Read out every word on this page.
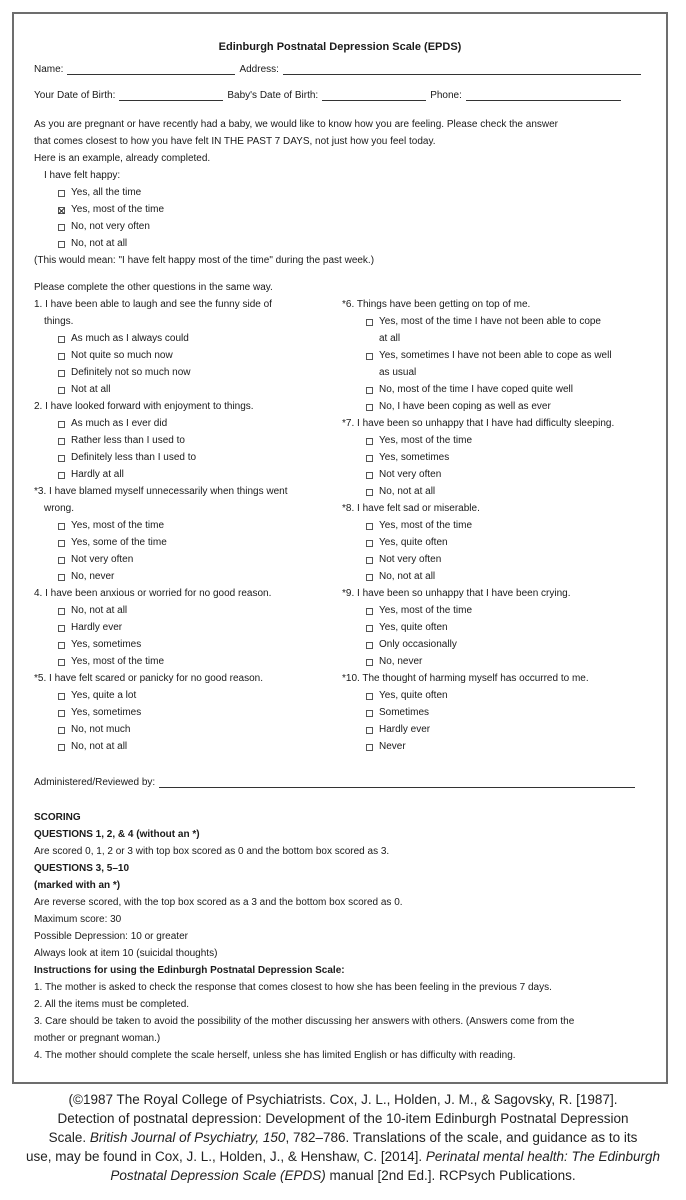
Edinburgh Postnatal Depression Scale (EPDS)
Name:	Address:
Your Date of Birth:	Baby's Date of Birth:	Phone:
As you are pregnant or have recently had a baby, we would like to know how you are feeling. Please check the answer
that comes closest to how you have felt IN THE PAST 7 DAYS, not just how you feel today.
Here is an example, already completed.
I have felt happy:
Yes, all the time
Yes, most of the time
No, not very often
No, not at all
(This would mean: "I have felt happy most of the time" during the past week.)
Please complete the other questions in the same way.
Administered/Reviewed by:
SCORING
QUESTIONS 1, 2, & 4 (without an *)
Are scored 0, 1, 2 or 3 with top box scored as 0 and the bottom box scored as 3.
QUESTIONS 3, 5–10
(marked with an *)
Are reverse scored, with the top box scored as a 3 and the bottom box scored as 0.
Maximum score: 30
Possible Depression: 10 or greater
Always look at item 10 (suicidal thoughts)
Instructions for using the Edinburgh Postnatal Depression Scale:
1. The mother is asked to check the response that comes closest to how she has been feeling in the previous 7 days.
2. All the items must be completed.
3. Care should be taken to avoid the possibility of the mother discussing her answers with others. (Answers come from the
mother or pregnant woman.)
4. The mother should complete the scale herself, unless she has limited English or has difficulty with reading.
1. I have been able to laugh and see the funny side of
things.
As much as I always could
Not quite so much now
Definitely not so much now
Not at all
2. I have looked forward with enjoyment to things.
As much as I ever did
Rather less than I used to
Definitely less than I used to
Hardly at all
*3. I have blamed myself unnecessarily when things went
wrong.
Yes, most of the time
Yes, some of the time
Not very often
No, never
4. I have been anxious or worried for no good reason.
No, not at all
Hardly ever
Yes, sometimes
Yes, most of the time
*5. I have felt scared or panicky for no good reason.
Yes, quite a lot
Yes, sometimes
No, not much
No, not at all
*6. Things have been getting on top of me.
Yes, most of the time I have not been able to cope
at all
Yes, sometimes I have not been able to cope as well
as usual
No, most of the time I have coped quite well
No, I have been coping as well as ever
*7. I have been so unhappy that I have had difficulty sleeping.
Yes, most of the time
Yes, sometimes
Not very often
No, not at all
*8. I have felt sad or miserable.
Yes, most of the time
Yes, quite often
Not very often
No, not at all
*9. I have been so unhappy that I have been crying.
Yes, most of the time
Yes, quite often
Only occasionally
No, never
*10. The thought of harming myself has occurred to me.
Yes, quite often
Sometimes
Hardly ever
Never
(©1987 The Royal College of Psychiatrists. Cox, J. L., Holden, J. M., & Sagovsky, R. [1987].
Detection of postnatal depression: Development of the 10-item Edinburgh Postnatal Depression
Scale. British Journal of Psychiatry, 150, 782–786. Translations of the scale, and guidance as to its
use, may be found in Cox, J. L., Holden, J., & Henshaw, C. [2014]. Perinatal mental health: The Edinburgh Postnatal Depression Scale (EPDS) manual [2nd Ed.]. RCPsych Publications.
